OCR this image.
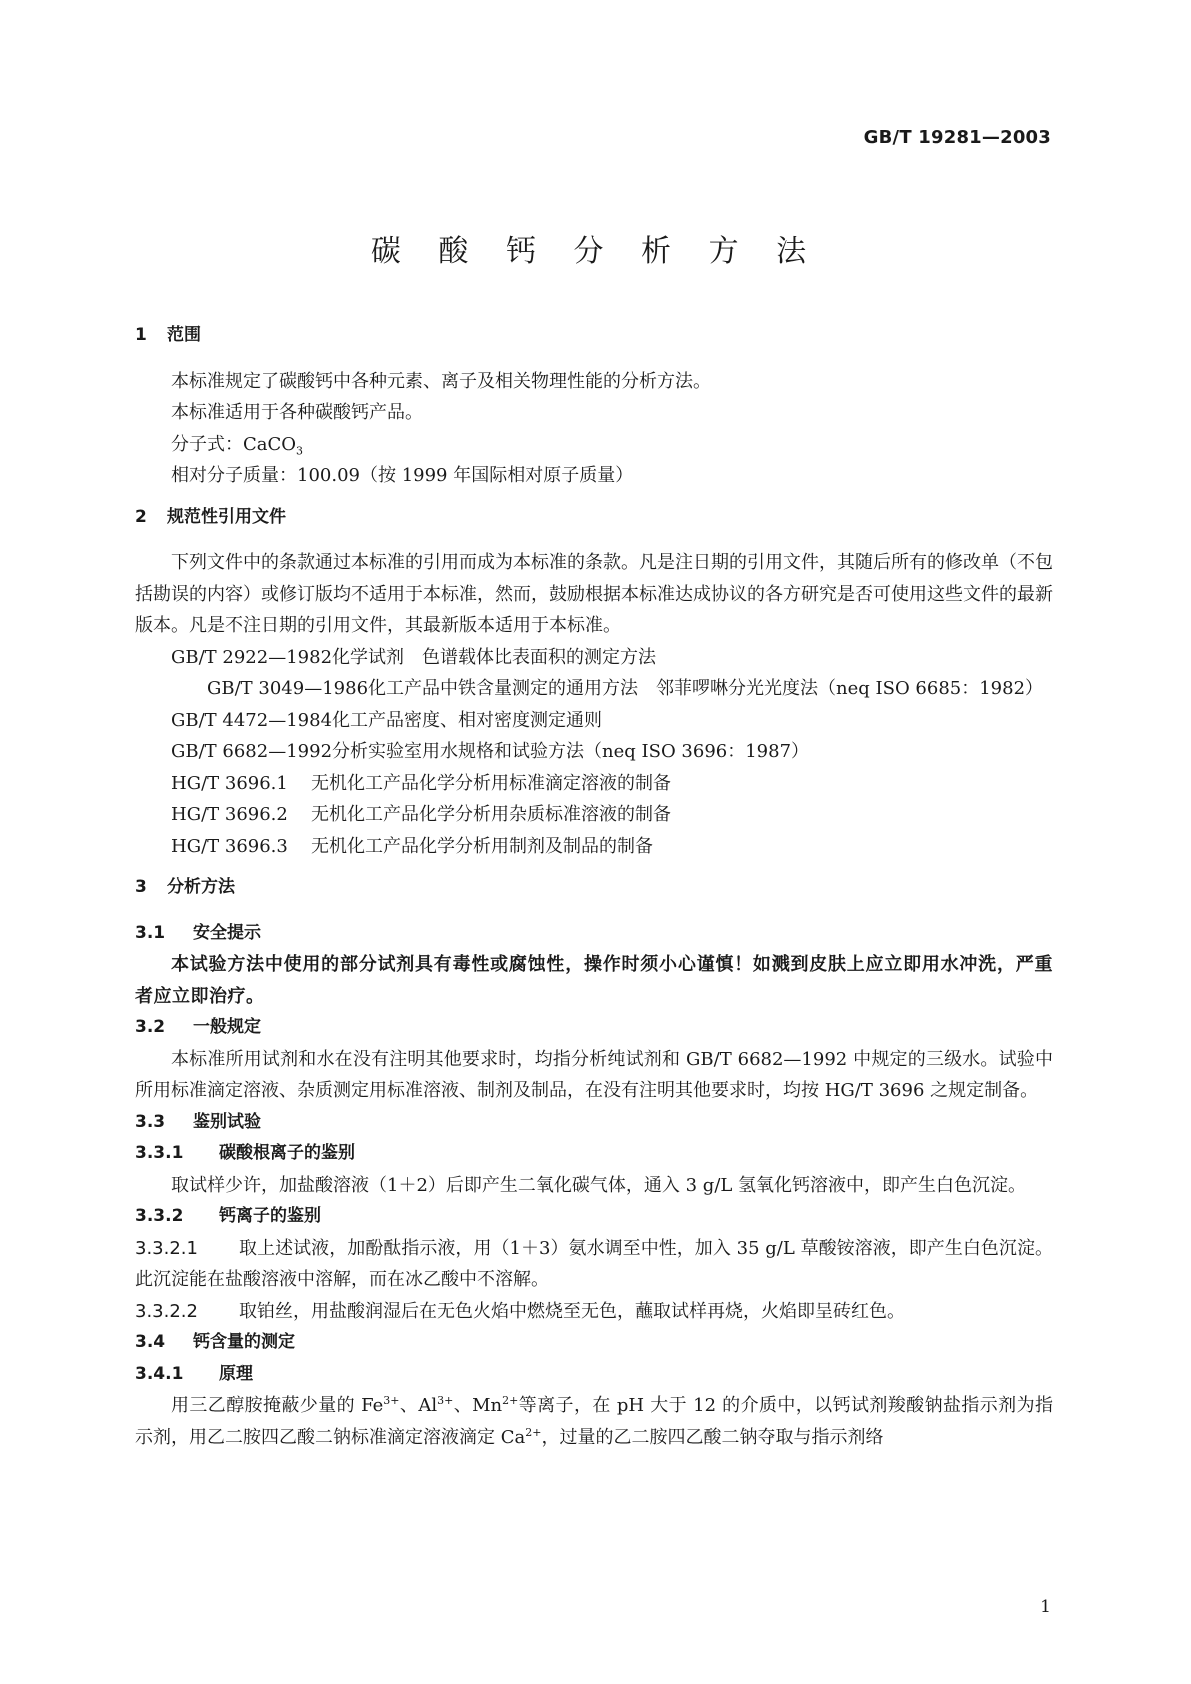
GB/T 19281—2003
碳 酸 钙 分 析 方 法
1 范围

本标准规定了碳酸钙中各种元素、离子及相关物理性能的分析方法。

本标准适用于各种碳酸钙产品。

分子式：CaCO$_3$

相对分子质量：100.09（按 1999 年国际相对原子质量）

2 规范性引用文件

下列文件中的条款通过本标准的引用而成为本标准的条款。凡是注日期的引用文件，其随后所有的修改单（不包括勘误的内容）或修订版均不适用于本标准，然而，鼓励根据本标准达成协议的各方研究是否可使用这些文件的最新版本。凡是不注日期的引用文件，其最新版本适用于本标准。

GB/T 2922—1982化学试剂　色谱载体比表面积的测定方法

GB/T 3049—1986化工产品中铁含量测定的通用方法　邻菲啰啉分光光度法（neq ISO 6685：1982）

GB/T 4472—1984化工产品密度、相对密度测定通则

GB/T 6682—1992分析实验室用水规格和试验方法（neq ISO 3696：1987）

HG/T 3696.1 无机化工产品化学分析用标准滴定溶液的制备

HG/T 3696.2 无机化工产品化学分析用杂质标准溶液的制备

HG/T 3696.3 无机化工产品化学分析用制剂及制品的制备

3 分析方法
3.1 安全提示

本试验方法中使用的部分试剂具有毒性或腐蚀性，操作时须小心谨慎！如溅到皮肤上应立即用水冲洗，严重者应立即治疗。

3.2 一般规定

本标准所用试剂和水在没有注明其他要求时，均指分析纯试剂和 GB/T 6682—1992 中规定的三级水。试验中所用标准滴定溶液、杂质测定用标准溶液、制剂及制品，在没有注明其他要求时，均按 HG/T 3696 之规定制备。

3.3 鉴别试验
3.3.1 碳酸根离子的鉴别

取试样少许，加盐酸溶液（1＋2）后即产生二氧化碳气体，通入 3 g/L 氢氧化钙溶液中，即产生白色沉淀。

3.3.2 钙离子的鉴别

3.3.2.1 取上述试液，加酚酞指示液，用（1＋3）氨水调至中性，加入 35 g/L 草酸铵溶液，即产生白色沉淀。此沉淀能在盐酸溶液中溶解，而在冰乙酸中不溶解。

3.3.2.2 取铂丝，用盐酸润湿后在无色火焰中燃烧至无色，蘸取试样再烧，火焰即呈砖红色。

3.4 钙含量的测定
3.4.1 原理

用三乙醇胺掩蔽少量的 $Fe^{3+}$、$Al^{3+}$、$Mn^{2+}$等离子，在 pH 大于 12 的介质中，以钙试剂羧酸钠盐指示剂为指示剂，用乙二胺四乙酸二钠标准滴定溶液滴定 $Ca^{2+}$，过量的乙二胺四乙酸二钠夺取与指示剂络

1
